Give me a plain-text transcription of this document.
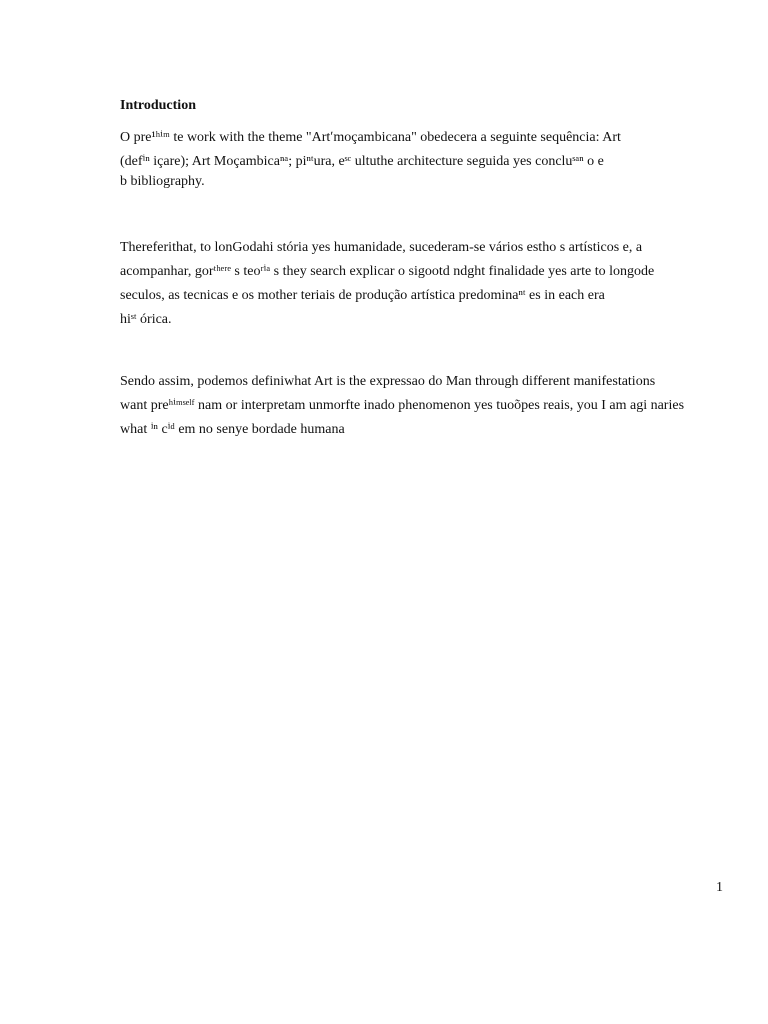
Introduction

O pre¹ʰⁱᵐ te work with the theme "Artʹmoçambicana" obedecera a seguinte sequência: Art

(defⁱⁿ içare); Art Moçambicaⁿᵃ; piⁿᵗura, eˢᶜ ultuthe architecture seguida yes concluˢᵃⁿ o e

b bibliography.

Thereferithat, to lonGodahi stória yes humanidade, sucederam-se vários estho s artísticos e, a

acompanhar, gorᵗʰᵉʳᵉ s teoʳⁱᵃ s they search explicar o sigootd ndght finalidade yes arte to longode

seculos, as tecnicas e os mother teriais de produção artística predominaⁿᵗ es in each era

hiˢᵗ órica.

Sendo assim, podemos definiwhat Art is the expressao do Man through different manifestations

want preʰⁱᵐˢᵉˡᶠ nam or interpretam unmorfte inado phenomenon yes tuoõpes reais, you I am agi naries

what ⁱⁿ cⁱᵈ em no senye bordade humana

1
